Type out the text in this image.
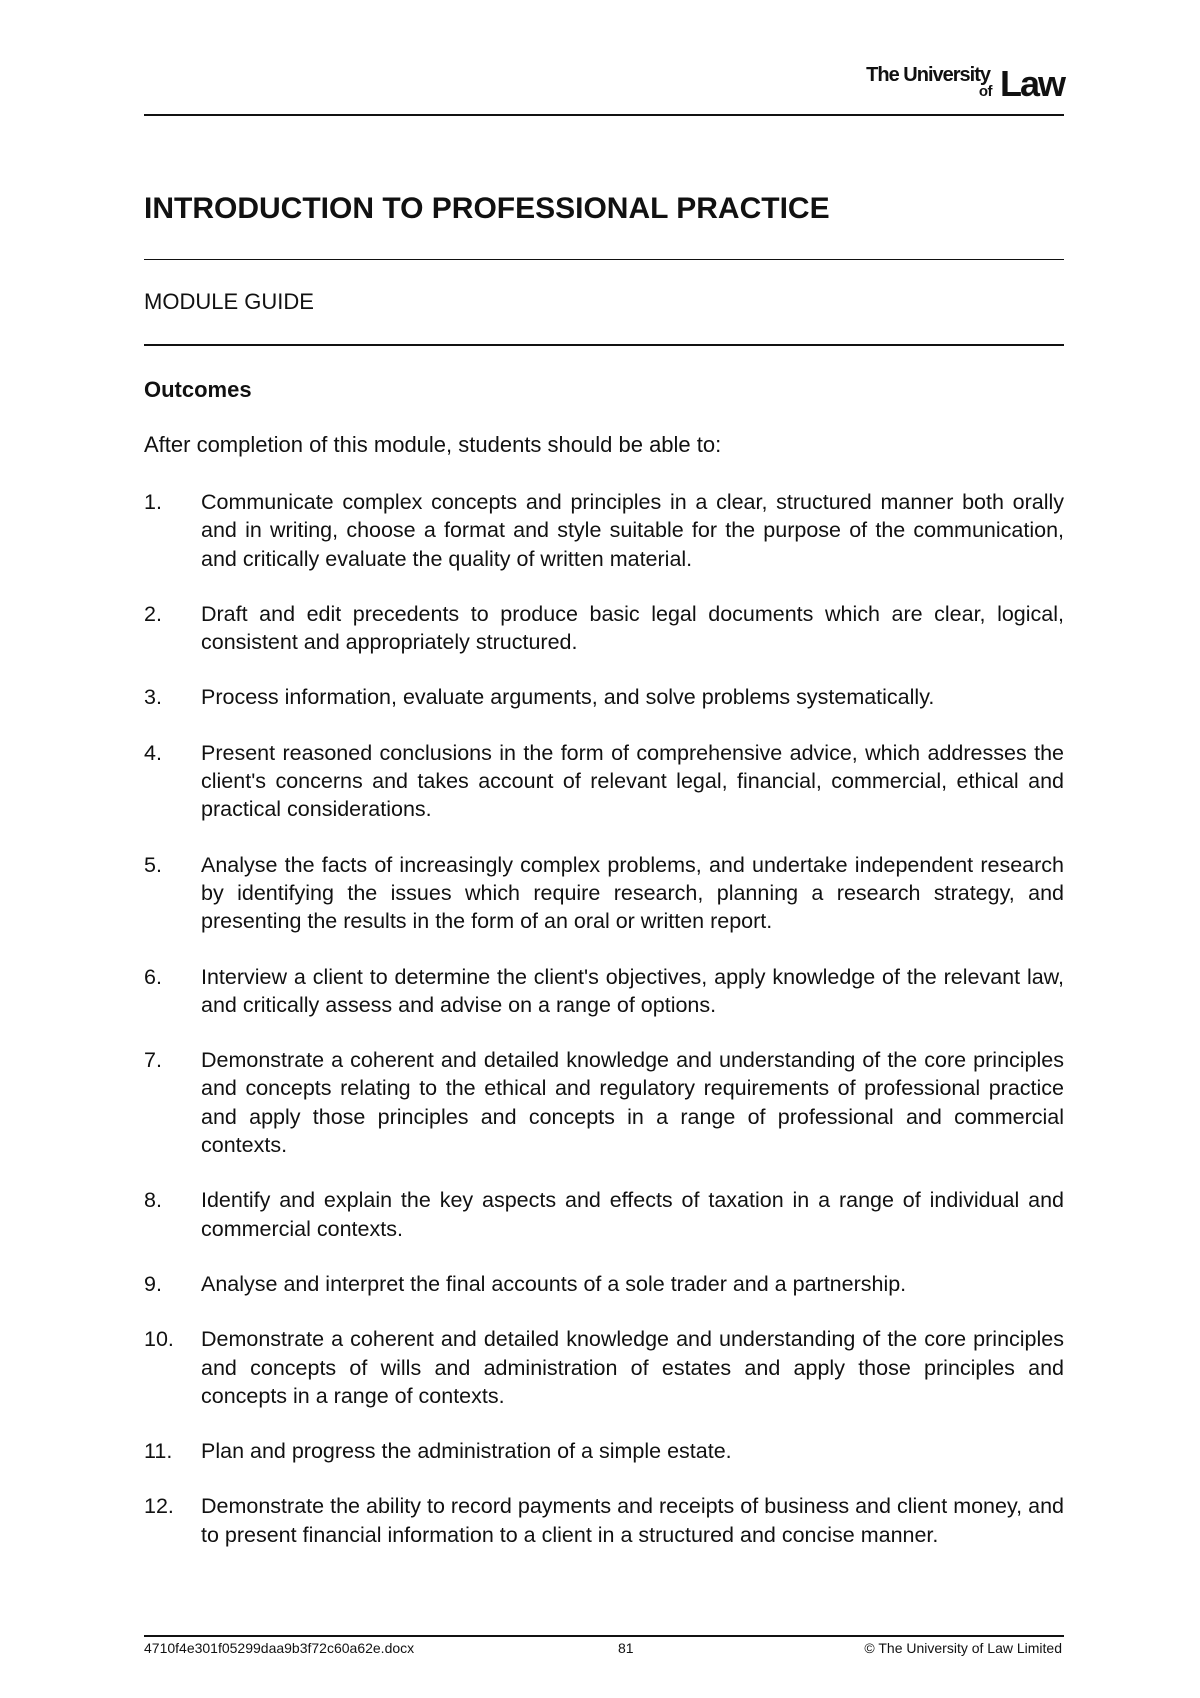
The University
of Law
INTRODUCTION TO PROFESSIONAL PRACTICE
MODULE GUIDE
Outcomes
After completion of this module, students should be able to:
1. Communicate complex concepts and principles in a clear, structured manner both orally and in writing, choose a format and style suitable for the purpose of the communication, and critically evaluate the quality of written material.
2. Draft and edit precedents to produce basic legal documents which are clear, logical, consistent and appropriately structured.
3. Process information, evaluate arguments, and solve problems systematically.
4. Present reasoned conclusions in the form of comprehensive advice, which addresses the client's concerns and takes account of relevant legal, financial, commercial, ethical and practical considerations.
5. Analyse the facts of increasingly complex problems, and undertake independent research by identifying the issues which require research, planning a research strategy, and presenting the results in the form of an oral or written report.
6. Interview a client to determine the client's objectives, apply knowledge of the relevant law, and critically assess and advise on a range of options.
7. Demonstrate a coherent and detailed knowledge and understanding of the core principles and concepts relating to the ethical and regulatory requirements of professional practice and apply those principles and concepts in a range of professional and commercial contexts.
8. Identify and explain the key aspects and effects of taxation in a range of individual and commercial contexts.
9. Analyse and interpret the final accounts of a sole trader and a partnership.
10. Demonstrate a coherent and detailed knowledge and understanding of the core principles and concepts of wills and administration of estates and apply those principles and concepts in a range of contexts.
11. Plan and progress the administration of a simple estate.
12. Demonstrate the ability to record payments and receipts of business and client money, and to present financial information to a client in a structured and concise manner.
4710f4e301f05299daa9b3f72c60a62e.docx	81	© The University of Law Limited
